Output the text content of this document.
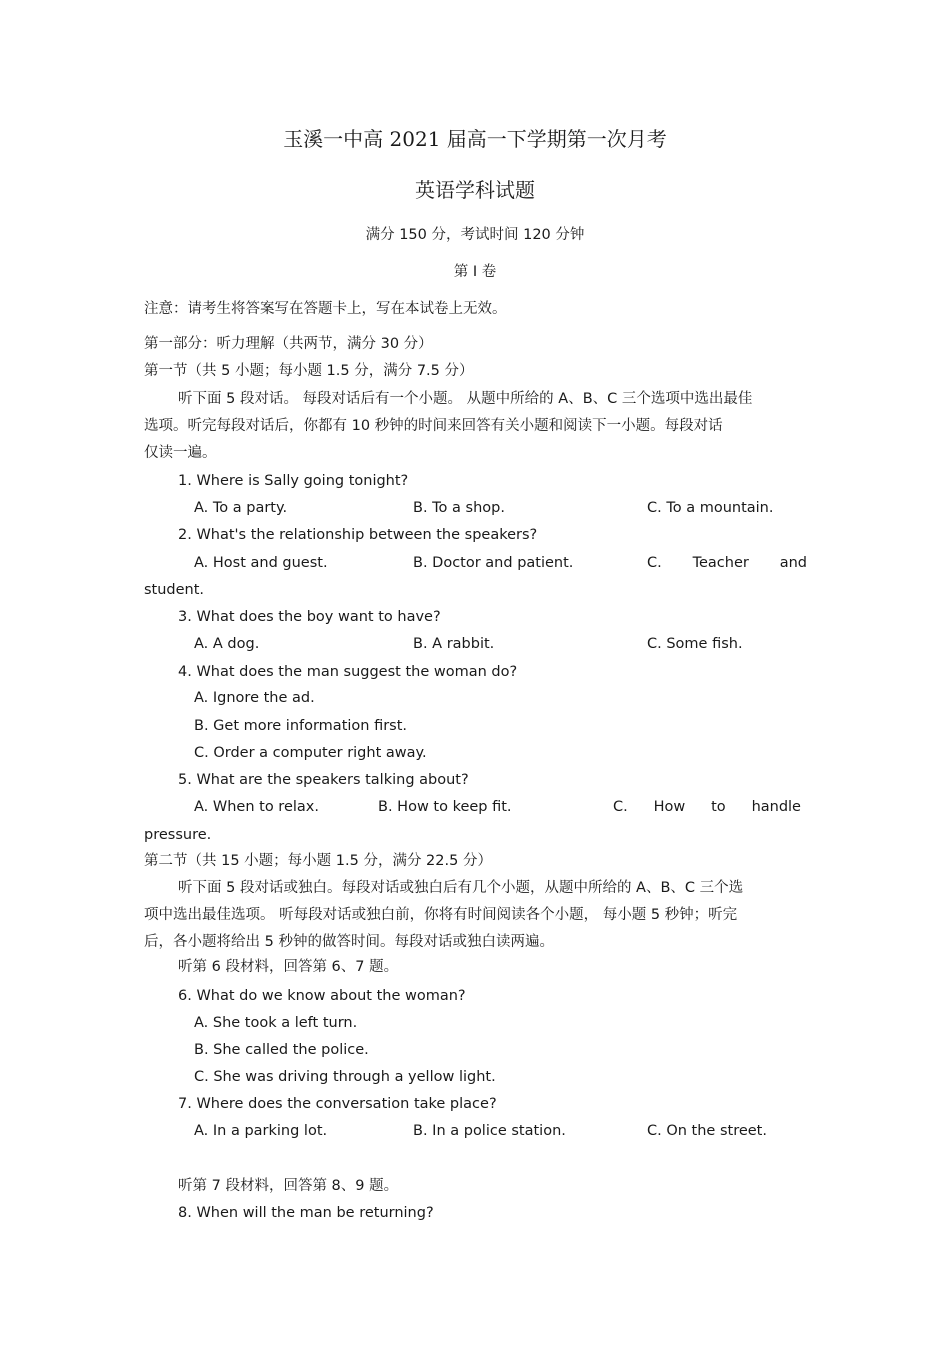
玉溪一中高 2021 届高一下学期第一次月考
英语学科试题
满分 150 分，考试时间 120 分钟
第 I 卷
注意：请考生将答案写在答题卡上，写在本试卷上无效。
第一部分：听力理解（共两节，满分 30 分）
第一节（共 5 小题；每小题 1.5 分，满分 7.5 分）
听下面 5 段对话。 每段对话后有一个小题。 从题中所给的 A、B、C 三个选项中选出最佳
选项。听完每段对话后，你都有 10 秒钟的时间来回答有关小题和阅读下一小题。每段对话
仅读一遍。
1. Where is Sally going tonight?
A. To a party.	B. To a shop.	C. To a mountain.
2. What's the relationship between the speakers?
A. Host and guest.	B. Doctor and patient.	C. Teacher and
student.
3. What does the boy want to have?
A. A dog.	B. A rabbit.	C. Some fish.
4. What does the man suggest the woman do?
A. Ignore the ad.
B. Get more information first.
C. Order a computer right away.
5. What are the speakers talking about?
A. When to relax.	B. How to keep fit.	C. How to handle
pressure.
第二节（共 15 小题；每小题 1.5 分，满分 22.5 分）
听下面 5 段对话或独白。每段对话或独白后有几个小题，从题中所给的 A、B、C 三个选
项中选出最佳选项。 听每段对话或独白前，你将有时间阅读各个小题， 每小题 5 秒钟；听完
后，各小题将给出 5 秒钟的做答时间。每段对话或独白读两遍。
听第 6 段材料，回答第 6、7 题。
6. What do we know about the woman?
A. She took a left turn.
B. She called the police.
C. She was driving through a yellow light.
7. Where does the conversation take place?
A. In a parking lot.	B. In a police station.	C. On the street.
听第 7 段材料，回答第 8、9 题。
8. When will the man be returning?
